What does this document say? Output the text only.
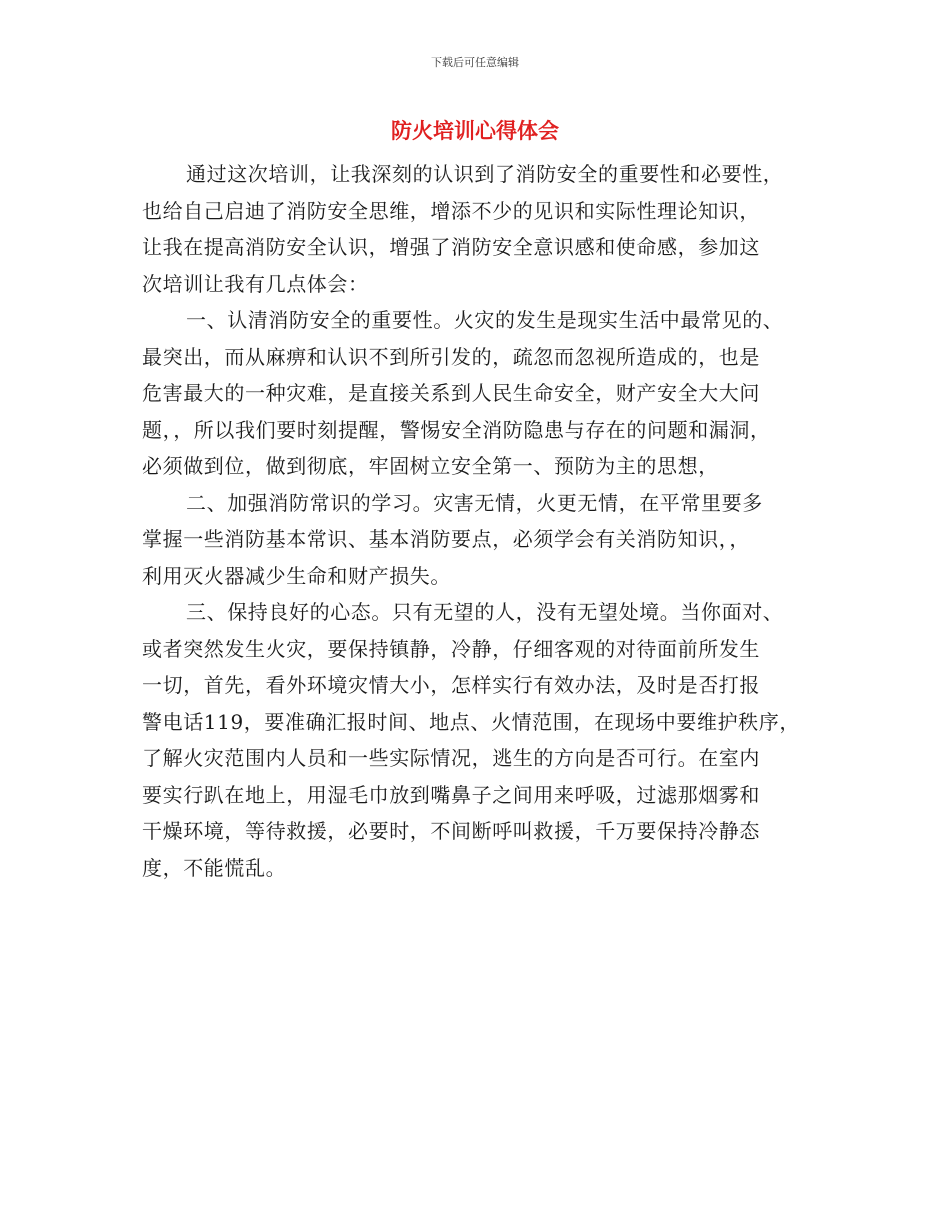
下载后可任意编辑
防火培训心得体会

通过这次培训，让我深刻的认识到了消防安全的重要性和必要性，

也给自己启迪了消防安全思维，增添不少的见识和实际性理论知识，

让我在提高消防安全认识，增强了消防安全意识感和使命感，参加这

次培训让我有几点体会：

一、认清消防安全的重要性。火灾的发生是现实生活中最常见的、

最突出，而从麻痹和认识不到所引发的，疏忽而忽视所造成的，也是

危害最大的一种灾难，是直接关系到人民生命安全，财产安全大大问

题，，所以我们要时刻提醒，警惕安全消防隐患与存在的问题和漏洞，

必须做到位，做到彻底，牢固树立安全第一、预防为主的思想，

二、加强消防常识的学习。灾害无情，火更无情，在平常里要多

掌握一些消防基本常识、基本消防要点，必须学会有关消防知识，，

利用灭火器减少生命和财产损失。

三、保持良好的心态。只有无望的人，没有无望处境。当你面对、

或者突然发生火灾，要保持镇静，冷静，仔细客观的对待面前所发生

一切，首先，看外环境灾情大小，怎样实行有效办法，及时是否打报

警电话119，要准确汇报时间、地点、火情范围，在现场中要维护秩序，

了解火灾范围内人员和一些实际情况，逃生的方向是否可行。在室内

要实行趴在地上，用湿毛巾放到嘴鼻子之间用来呼吸，过滤那烟雾和

干燥环境，等待救援，必要时，不间断呼叫救援，千万要保持冷静态

度，不能慌乱。
